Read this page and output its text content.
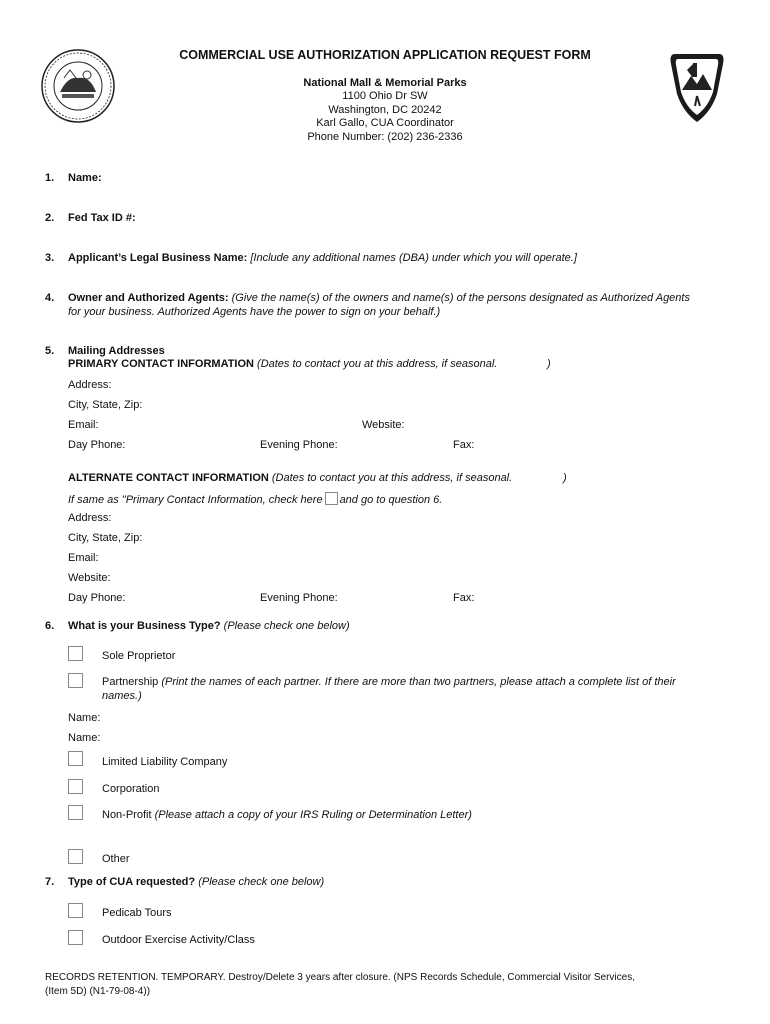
COMMERCIAL USE AUTHORIZATION APPLICATION REQUEST FORM
National Mall & Memorial Parks
1100 Ohio Dr SW
Washington, DC 20242
Karl Gallo, CUA Coordinator
Phone Number: (202) 236-2336
1. Name:
2. Fed Tax ID #:
3. Applicant’s Legal Business Name: [Include any additional names (DBA) under which you will operate.]
4. Owner and Authorized Agents: (Give the name(s) of the owners and name(s) of the persons designated as Authorized Agents
for your business. Authorized Agents have the power to sign on your behalf.)
5. Mailing Addresses
PRIMARY CONTACT INFORMATION (Dates to contact you at this address, if seasonal.	)
Address:
City, State, Zip:
Email:	Website:
Day Phone:	Evening Phone:	Fax:
ALTERNATE CONTACT INFORMATION (Dates to contact you at this address, if seasonal.	)
If same as "Primary Contact Information, check here and go to question 6.
Address:
City, State, Zip:
Email:
Website:
Day Phone:	Evening Phone:	Fax:
6. What is your Business Type? (Please check one below)
Sole Proprietor
Partnership (Print the names of each partner. If there are more than two partners, please attach a complete list of their
names.)
Name:
Name:
Limited Liability Company
Corporation
Non-Profit (Please attach a copy of your IRS Ruling or Determination Letter)
Other
7. Type of CUA requested? (Please check one below)
Pedicab Tours
Outdoor Exercise Activity/Class
RECORDS RETENTION. TEMPORARY. Destroy/Delete 3 years after closure. (NPS Records Schedule, Commercial Visitor Services,
(Item 5D) (N1-79-08-4))
